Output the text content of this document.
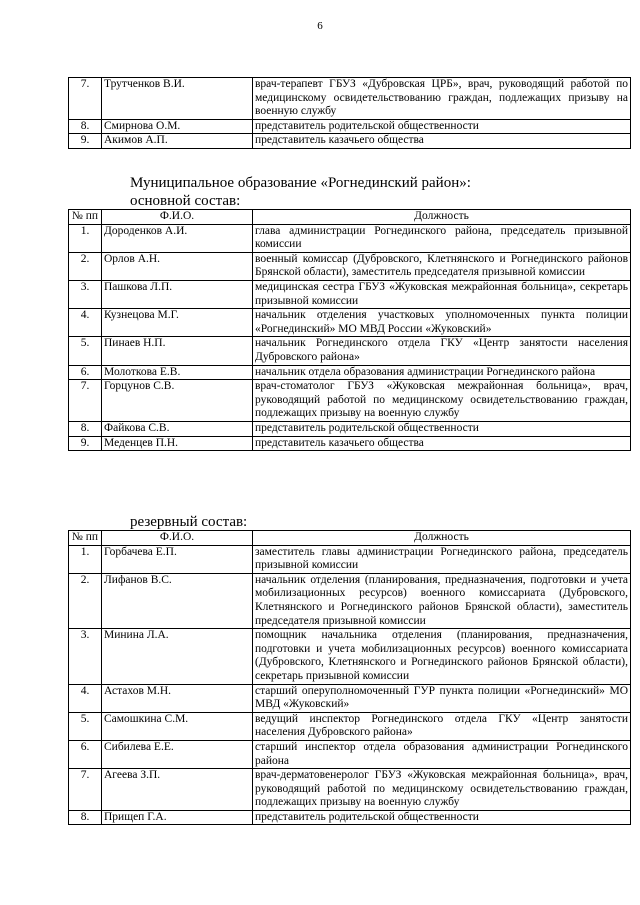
6
7.	Трутченков В.И.	врач-терапевт ГБУЗ «Дубровская ЦРБ», врач, руководящий работой по медицинскому освидетельствованию граждан, подлежащих призыву на военную службу
8.	Смирнова О.М.	представитель родительской общественности
9.	Акимов А.П.	представитель казачьего общества
Муниципальное образование «Рогнединский район»:
основной состав:
№ пп	Ф.И.О.	Должность
1.	Дороденков А.И.	глава администрации Рогнединского района, председатель призывной комиссии
2.	Орлов А.Н.	военный комиссар (Дубровского, Клетнянского и Рогнединского районов Брянской области), заместитель председателя призывной комиссии
3.	Пашкова Л.П.	медицинская сестра ГБУЗ «Жуковская межрайонная больница», секретарь призывной комиссии
4.	Кузнецова М.Г.	начальник отделения участковых уполномоченных пункта полиции «Рогнединский» МО МВД России «Жуковский»
5.	Пинаев Н.П.	начальник Рогнединского отдела ГКУ «Центр занятости населения Дубровского района»
6.	Молоткова Е.В.	начальник отдела образования администрации Рогнединского района
7.	Горцунов С.В.	врач-стоматолог ГБУЗ «Жуковская межрайонная больница», врач, руководящий работой по медицинскому освидетельствованию граждан, подлежащих призыву на военную службу
8.	Файкова С.В.	представитель родительской общественности
9.	Меденцев П.Н.	представитель казачьего общества
резервный состав:
№ пп	Ф.И.О.	Должность
1.	Горбачева Е.П.	заместитель главы администрации Рогнединского района, председатель призывной комиссии
2.	Лифанов В.С.	начальник отделения (планирования, предназначения, подготовки и учета мобилизационных ресурсов) военного комиссариата (Дубровского, Клетнянского и Рогнединского районов Брянской области), заместитель председателя призывной комиссии
3.	Минина Л.А.	помощник начальника отделения (планирования, предназначения, подготовки и учета мобилизационных ресурсов) военного комиссариата (Дубровского, Клетнянского и Рогнединского районов Брянской области), секретарь призывной комиссии
4.	Астахов М.Н.	старший оперуполномоченный ГУР пункта полиции «Рогнединский» МО МВД «Жуковский»
5.	Самошкина С.М.	ведущий инспектор Рогнединского отдела ГКУ «Центр занятости населения Дубровского района»
6.	Сибилева Е.Е.	старший инспектор отдела образования администрации Рогнединского района
7.	Агеева З.П.	врач-дерматовенеролог ГБУЗ «Жуковская межрайонная больница», врач, руководящий работой по медицинскому освидетельствованию граждан, подлежащих призыву на военную службу
8.	Прищеп Г.А.	представитель родительской общественности
